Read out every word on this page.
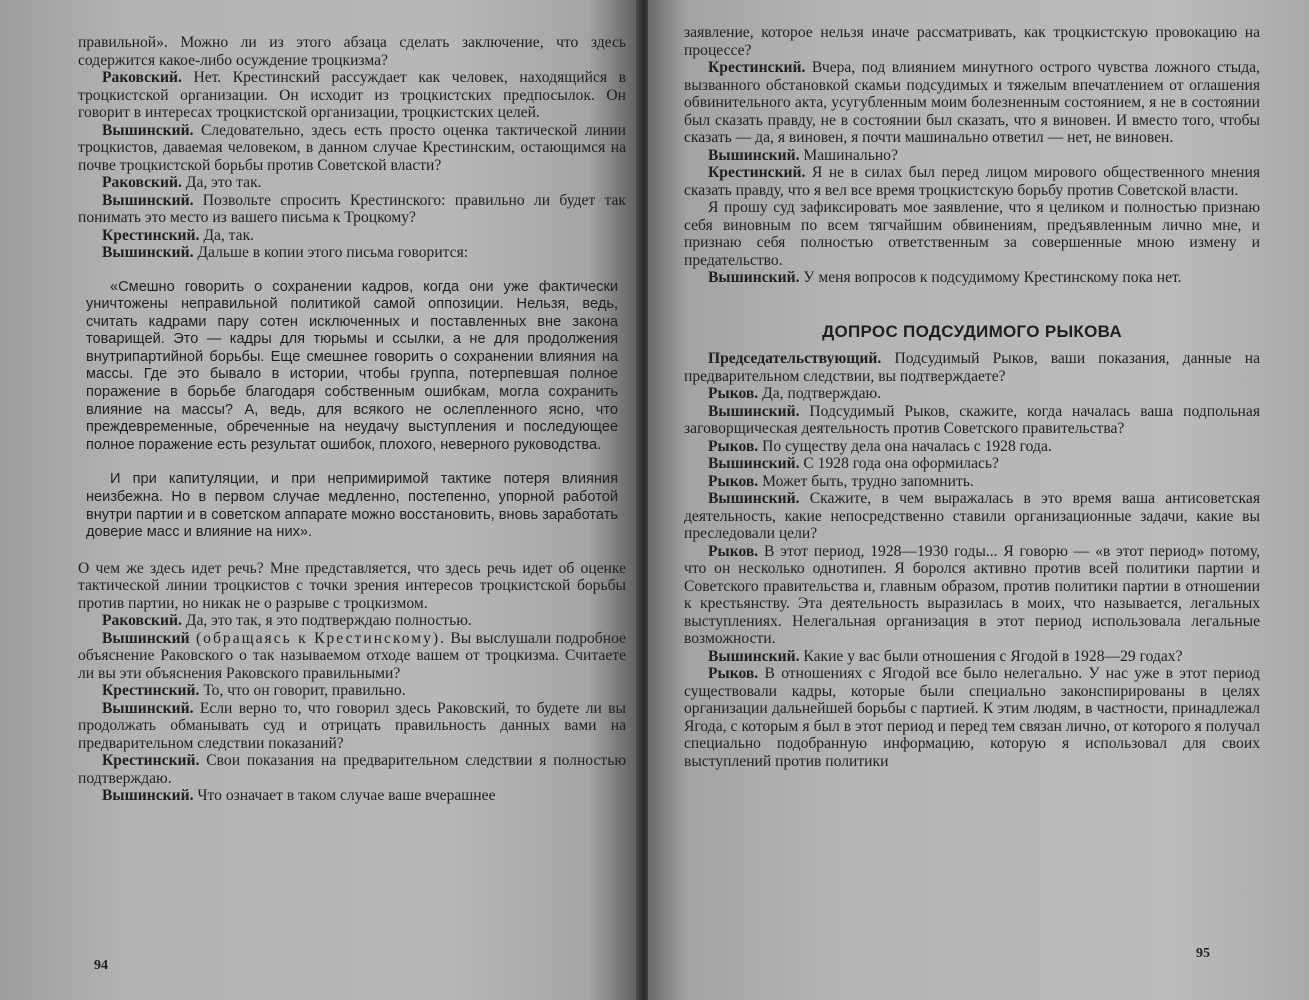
правильной». Можно ли из этого абзаца сделать заключение, что здесь содержится какое-либо осуждение троцкизма?

Раковский. Нет. Крестинский рассуждает как человек, находящийся в троцкистской организации. Он исходит из троцкистских предпосылок. Он говорит в интересах троцкистской организации, троцкистских целей.

Вышинский. Следовательно, здесь есть просто оценка тактической линии троцкистов, даваемая человеком, в данном случае Крестинским, остающимся на почве троцкистской борьбы против Советской власти?

Раковский. Да, это так.

Вышинский. Позвольте спросить Крестинского: правильно ли будет так понимать это место из вашего письма к Троцкому?

Крестинский. Да, так.

Вышинский. Дальше в копии этого письма говорится:

«Смешно говорить о сохранении кадров, когда они уже фактически уничтожены неправильной политикой самой оппозиции. Нельзя, ведь, считать кадрами пару сотен исключенных и поставленных вне закона товарищей. Это — кадры для тюрьмы и ссылки, а не для продолжения внутрипартийной борьбы. Еще смешнее говорить о сохранении влияния на массы. Где это бывало в истории, чтобы группа, потерпевшая полное поражение в борьбе благодаря собственным ошибкам, могла сохранить влияние на массы? А, ведь, для всякого не ослепленного ясно, что преждевременные, обреченные на неудачу выступления и последующее полное поражение есть результат ошибок, плохого, неверного руководства.

И при капитуляции, и при непримиримой тактике потеря влияния неизбежна. Но в первом случае медленно, постепенно, упорной работой внутри партии и в советском аппарате можно восстановить, вновь заработать доверие масс и влияние на них».

О чем же здесь идет речь? Мне представляется, что здесь речь идет об оценке тактической линии троцкистов с точки зрения интересов троцкистской борьбы против партии, но никак не о разрыве с троцкизмом.

Раковский. Да, это так, я это подтверждаю полностью.

Вышинский (обращаясь к Крестинскому). Вы выслушали подробное объяснение Раковского о так называемом отходе вашем от троцкизма. Считаете ли вы эти объяснения Раковского правильными?

Крестинский. То, что он говорит, правильно.

Вышинский. Если верно то, что говорил здесь Раковский, то будете ли вы продолжать обманывать суд и отрицать правильность данных вами на предварительном следствии показаний?

Крестинский. Свои показания на предварительном следствии я полностью подтверждаю.

Вышинский. Что означает в таком случае ваше вчерашнее

94

заявление, которое нельзя иначе рассматривать, как троцкистскую провокацию на процессе?

Крестинский. Вчера, под влиянием минутного острого чувства ложного стыда, вызванного обстановкой скамьи подсудимых и тяжелым впечатлением от оглашения обвинительного акта, усугубленным моим болезненным состоянием, я не в состоянии был сказать правду, не в состоянии был сказать, что я виновен. И вместо того, чтобы сказать — да, я виновен, я почти машинально ответил — нет, не виновен.

Вышинский. Машинально?

Крестинский. Я не в силах был перед лицом мирового общественного мнения сказать правду, что я вел все время троцкистскую борьбу против Советской власти.

Я прошу суд зафиксировать мое заявление, что я целиком и полностью признаю себя виновным по всем тягчайшим обвинениям, предъявленным лично мне, и признаю себя полностью ответственным за совершенные мною измену и предательство.

Вышинский. У меня вопросов к подсудимому Крестинскому пока нет.

ДОПРОС ПОДСУДИМОГО РЫКОВА

Председательствующий. Подсудимый Рыков, ваши показания, данные на предварительном следствии, вы подтверждаете?

Рыков. Да, подтверждаю.

Вышинский. Подсудимый Рыков, скажите, когда началась ваша подпольная заговорщическая деятельность против Советского правительства?

Рыков. По существу дела она началась с 1928 года.

Вышинский. С 1928 года она оформилась?

Рыков. Может быть, трудно запомнить.

Вышинский. Скажите, в чем выражалась в это время ваша антисоветская деятельность, какие непосредственно ставили организационные задачи, какие вы преследовали цели?

Рыков. В этот период, 1928—1930 годы... Я говорю — «в этот период» потому, что он несколько однотипен. Я боролся активно против всей политики партии и Советского правительства и, главным образом, против политики партии в отношении к крестьянству. Эта деятельность выразилась в моих, что называется, легальных выступлениях. Нелегальная организация в этот период использовала легальные возможности.

Вышинский. Какие у вас были отношения с Ягодой в 1928—29 годах?

Рыков. В отношениях с Ягодой все было нелегально. У нас уже в этот период существовали кадры, которые были специально законспирированы в целях организации дальнейшей борьбы с партией. К этим людям, в частности, принадлежал Ягода, с которым я был в этот период и перед тем связан лично, от которого я получал специально подобранную информацию, которую я использовал для своих выступлений против политики

95
